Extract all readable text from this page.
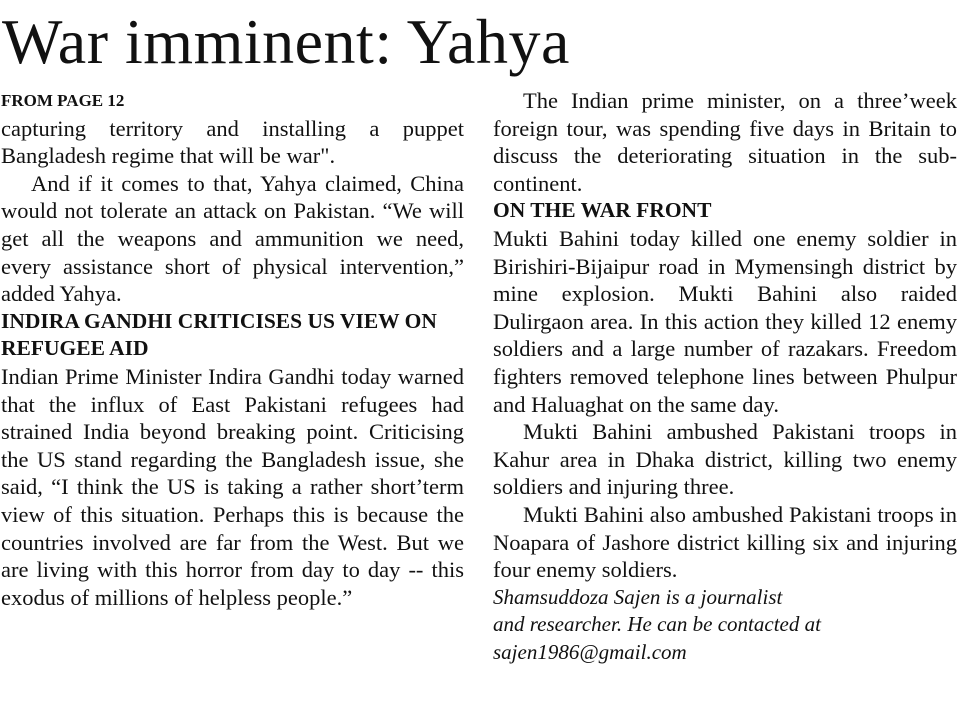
War imminent: Yahya
FROM PAGE 12

capturing territory and installing a puppet Bangladesh regime that will be war".

And if it comes to that, Yahya claimed, China would not tolerate an attack on Pakistan. “We will get all the weapons and ammunition we need, every assistance short of physical intervention,” added Yahya.

INDIRA GANDHI CRITICISES US VIEW ON REFUGEE AID

Indian Prime Minister Indira Gandhi today warned that the influx of East Pakistani refugees had strained India beyond breaking point. Criticising the US stand regarding the Bangladesh issue, she said, “I think the US is taking a rather short’term view of this situation. Perhaps this is because the countries involved are far from the West. But we are living with this horror from day to day -- this exodus of millions of helpless people.”

The Indian prime minister, on a three’week foreign tour, was spending five days in Britain to discuss the deteriorating situation in the sub-continent.

ON THE WAR FRONT

Mukti Bahini today killed one enemy soldier in Birishiri-Bijaipur road in Mymensingh district by mine explosion. Mukti Bahini also raided Dulirgaon area. In this action they killed 12 enemy soldiers and a large number of razakars. Freedom fighters removed telephone lines between Phulpur and Haluaghat on the same day.

Mukti Bahini ambushed Pakistani troops in Kahur area in Dhaka district, killing two enemy soldiers and injuring three.

Mukti Bahini also ambushed Pakistani troops in Noapara of Jashore district killing six and injuring four enemy soldiers.

Shamsuddoza Sajen is a journalist

and researcher. He can be contacted at

sajen1986@gmail.com
